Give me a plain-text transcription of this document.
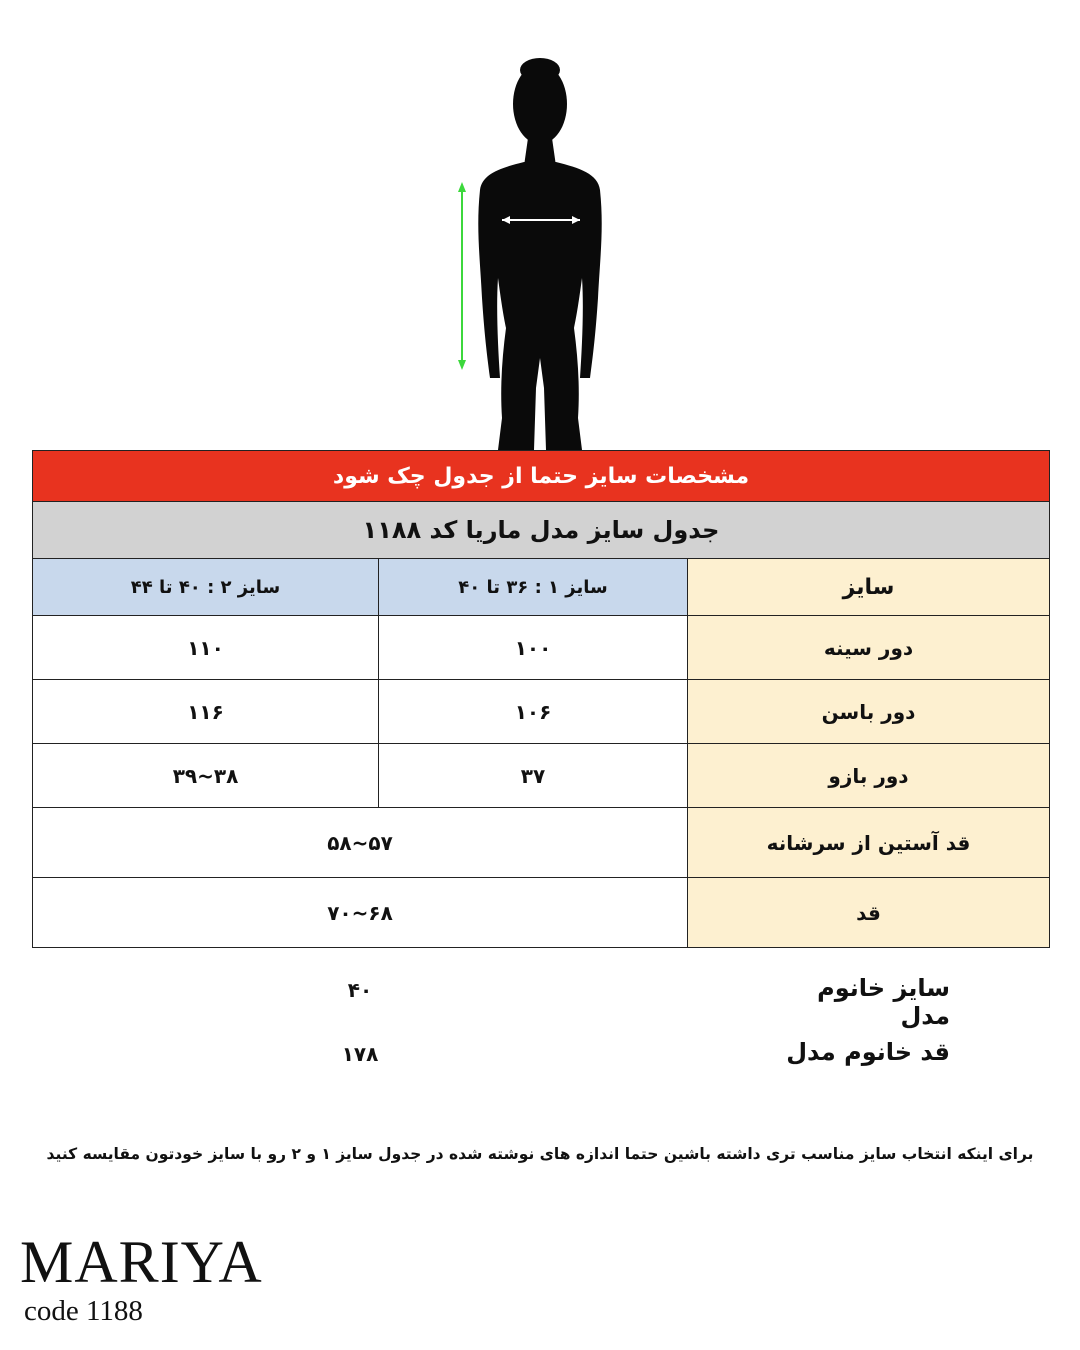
مشخصات سایز حتما از جدول چک شود		
جدول سایز مدل ماریا کد ۱۱۸۸		
سایز ۲ : ۴۰ تا ۴۴	سایز ۱ : ۳۶ تا ۴۰	سایز
۱۱۰	۱۰۰	دور سینه
۱۱۶	۱۰۶	دور باسن
۳۸~۳۹	۳۷	دور بازو
۵۷~۵۸		قد آستین از سرشانه
۶۸~۷۰		قد
سایز خانوم مدل
۴۰
قد خانوم مدل
۱۷۸
برای اینکه انتخاب سایز مناسب تری داشته باشین حتما اندازه های نوشته شده در جدول سایز ۱ و ۲ رو با سایز خودتون مقایسه کنید
MARIYA
code 1188
